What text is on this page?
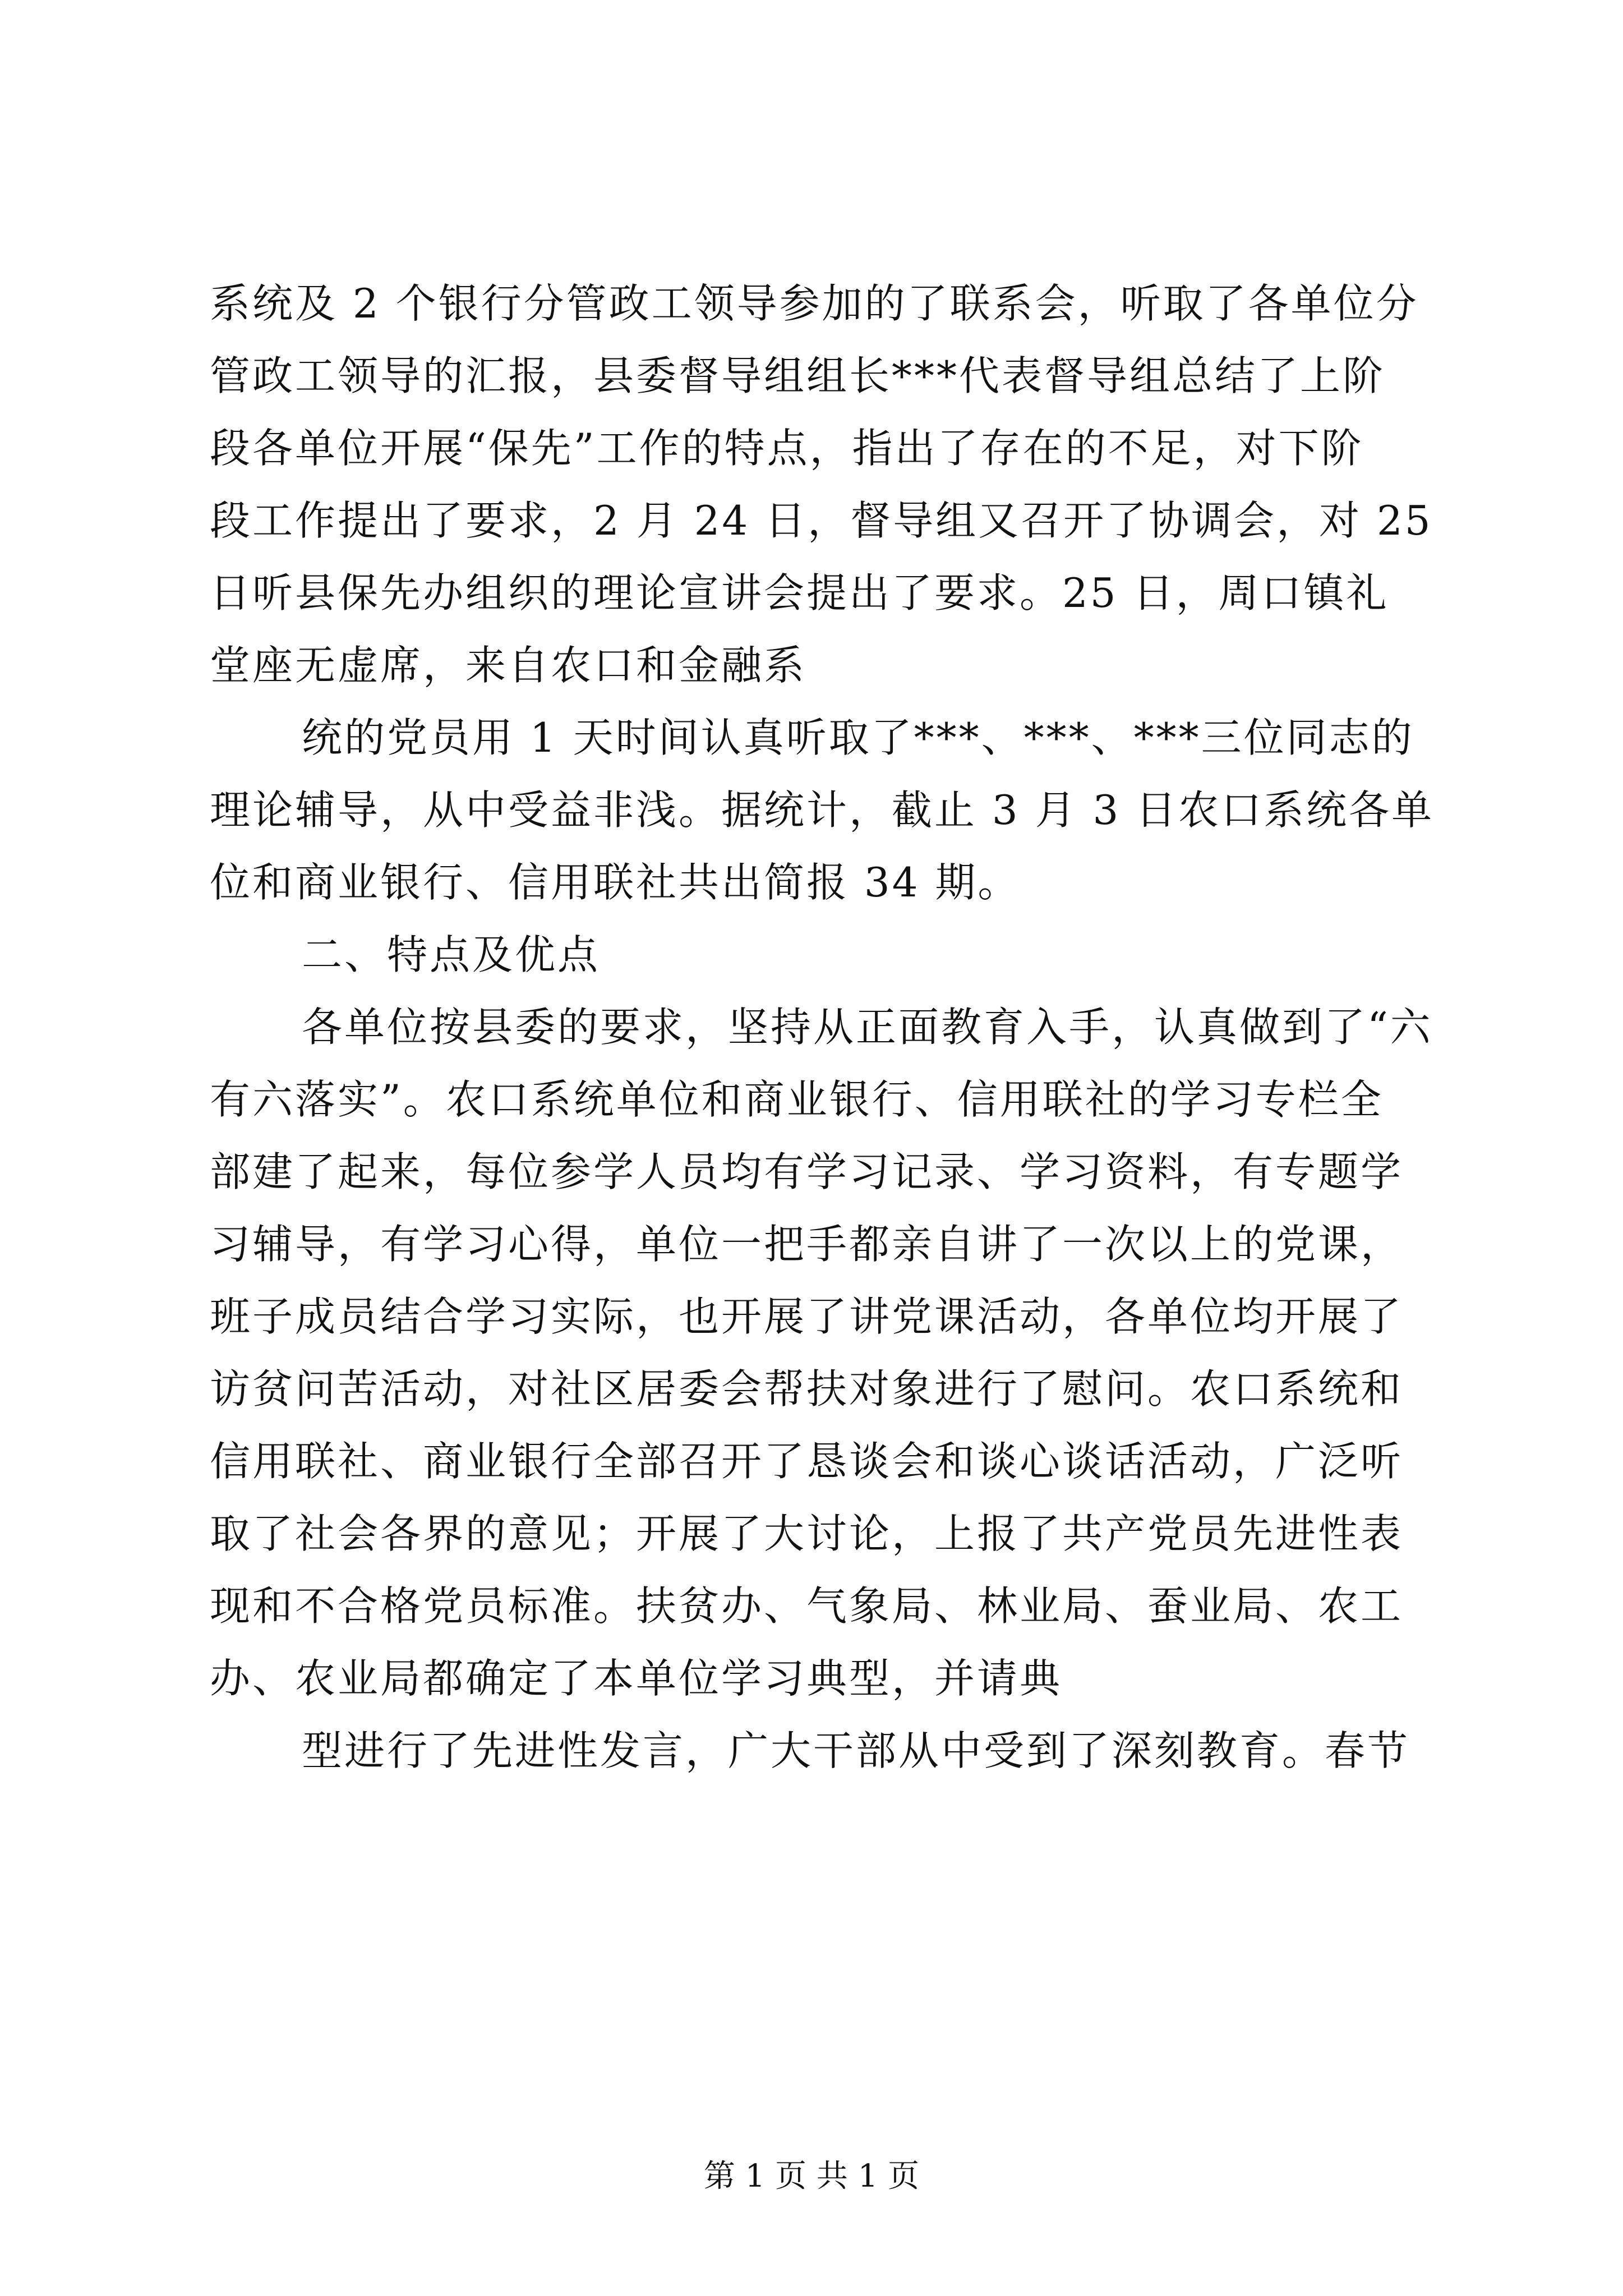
系统及 2 个银行分管政工领导参加的了联系会，听取了各单位分
管政工领导的汇报，县委督导组组长***代表督导组总结了上阶
段各单位开展“保先”工作的特点，指出了存在的不足，对下阶
段工作提出了要求，2 月 24 日，督导组又召开了协调会，对 25
日听县保先办组织的理论宣讲会提出了要求。25 日，周口镇礼
堂座无虚席，来自农口和金融系
统的党员用 1 天时间认真听取了***、***、***三位同志的
理论辅导，从中受益非浅。据统计，截止 3 月 3 日农口系统各单
位和商业银行、信用联社共出简报 34 期。
二、特点及优点
各单位按县委的要求，坚持从正面教育入手，认真做到了“六
有六落实”。农口系统单位和商业银行、信用联社的学习专栏全
部建了起来，每位参学人员均有学习记录、学习资料，有专题学
习辅导，有学习心得，单位一把手都亲自讲了一次以上的党课，
班子成员结合学习实际，也开展了讲党课活动，各单位均开展了
访贫问苦活动，对社区居委会帮扶对象进行了慰问。农口系统和
信用联社、商业银行全部召开了恳谈会和谈心谈话活动，广泛听
取了社会各界的意见；开展了大讨论，上报了共产党员先进性表
现和不合格党员标准。扶贫办、气象局、林业局、蚕业局、农工
办、农业局都确定了本单位学习典型，并请典
型进行了先进性发言，广大干部从中受到了深刻教育。春节
第 1 页 共 1 页
